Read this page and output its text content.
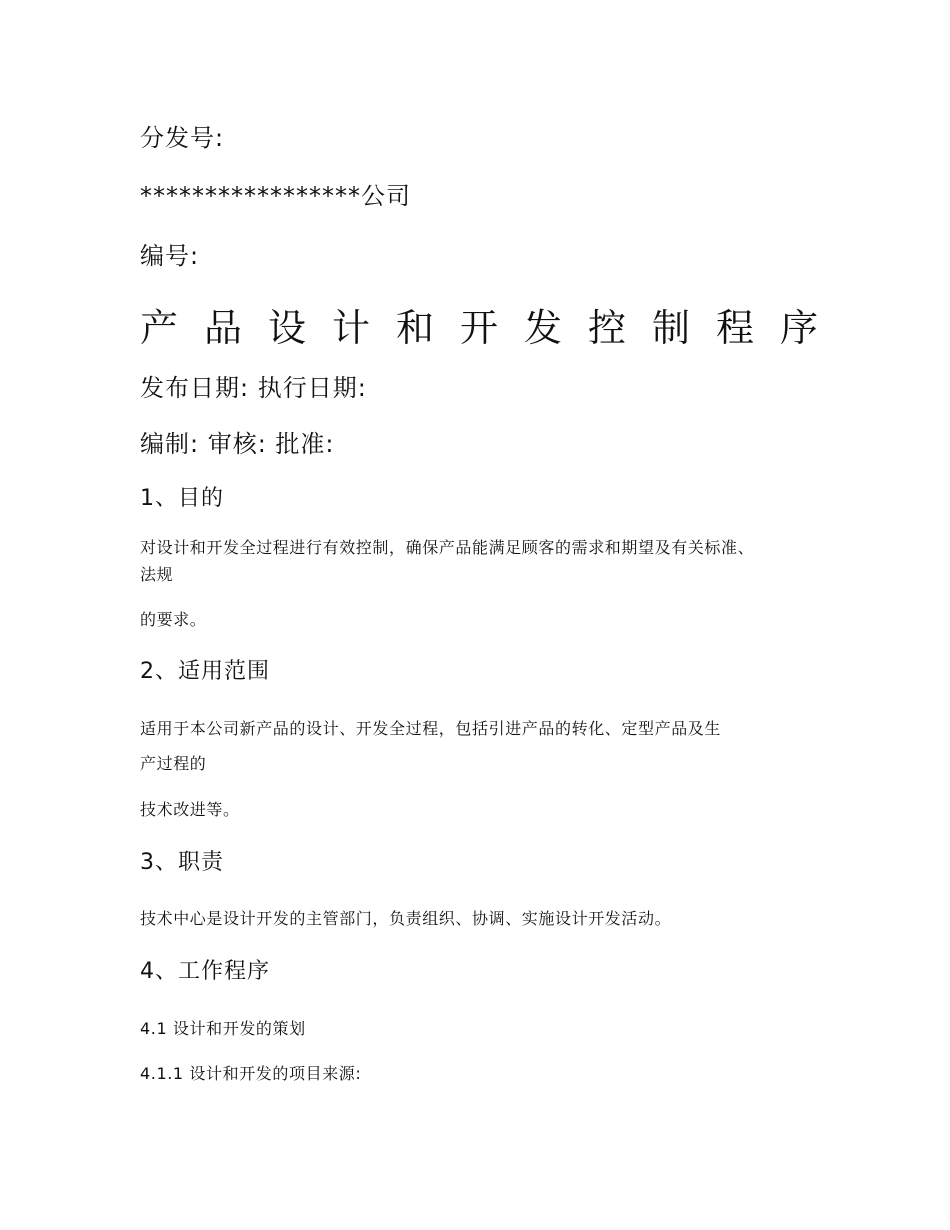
分发号:
*****************公司
编号:
产品设计和开发控制程序
发布日期: 执行日期:
编制: 审核: 批准:
1、目的
对设计和开发全过程进行有效控制，确保产品能满足顾客的需求和期望及有关标准、
法规
的要求。
2、适用范围
适用于本公司新产品的设计、开发全过程，包括引进产品的转化、定型产品及生
产过程的
技术改进等。
3、职责
技术中心是设计开发的主管部门，负责组织、协调、实施设计开发活动。
4、工作程序
4.1 设计和开发的策划
4.1.1 设计和开发的项目来源:
